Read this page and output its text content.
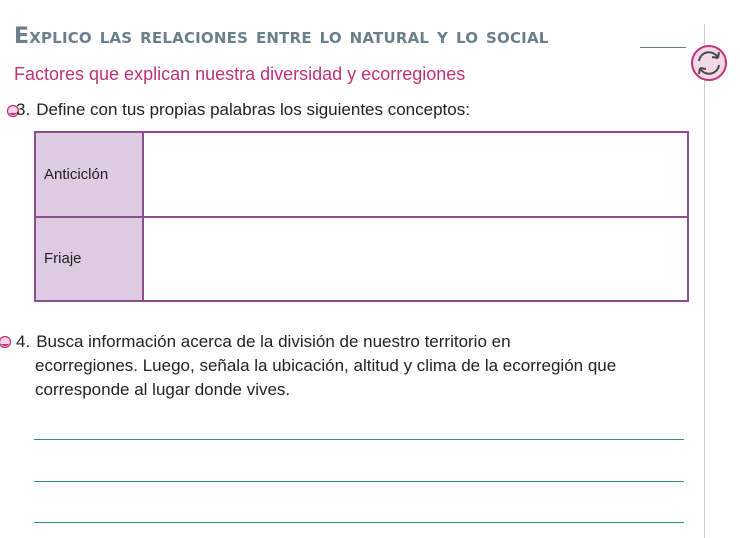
Explico las relaciones entre lo natural y lo social
Factores que explican nuestra diversidad y ecorregiones
3. Define con tus propias palabras los siguientes conceptos:
Anticiclón	
Friaje	
4. Busca información acerca de la división de nuestro territorio en
ecorregiones. Luego, señala la ubicación, altitud y clima de la ecorregión que
corresponde al lugar donde vives.
